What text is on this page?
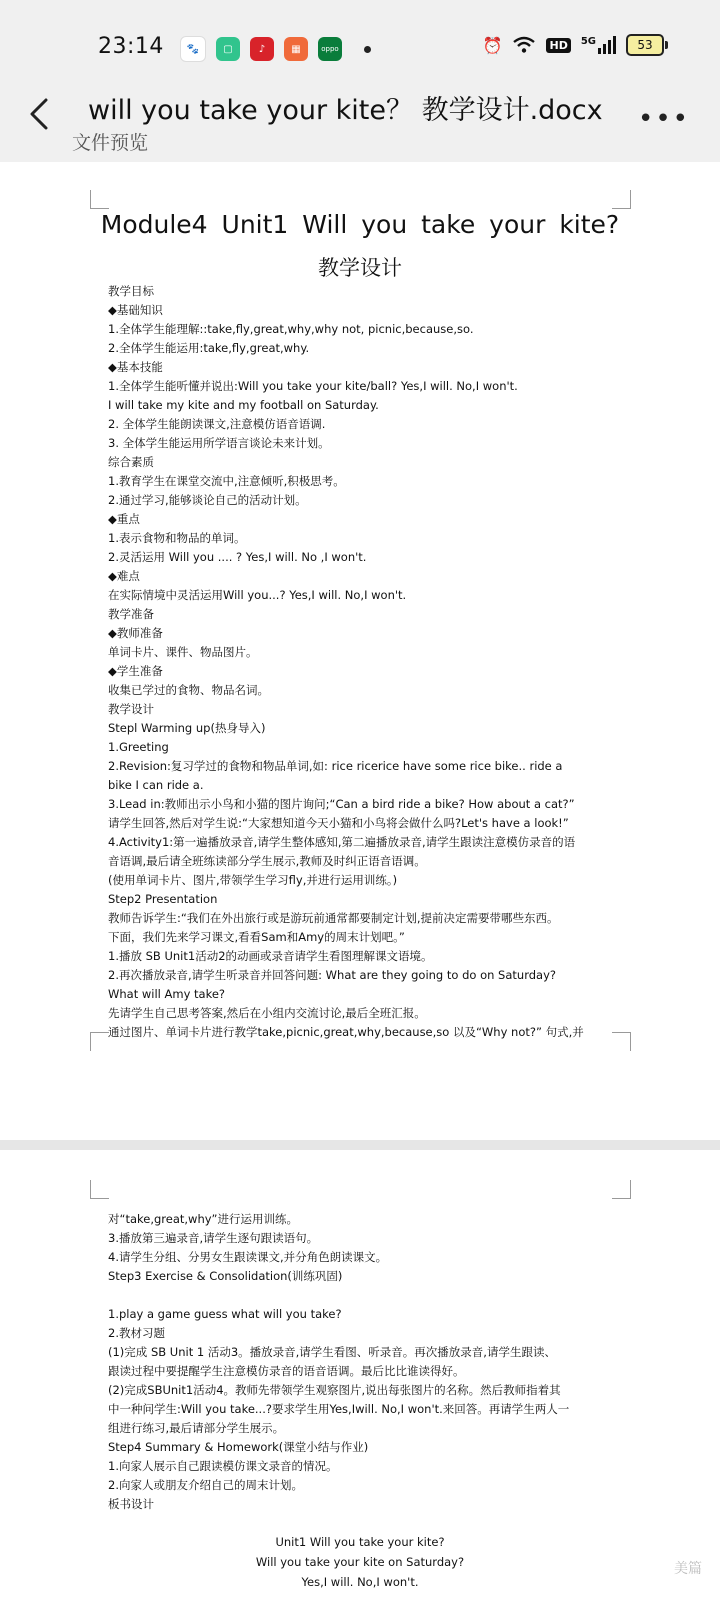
23:14	🐾	▢	♪	▦	oppo	⏰	HD	5G	53
will you take your kite？ 教学设计.docx
文件预览
•••
Module4 Unit1 Will you take your kite?
教学设计
教学目标
◆基础知识
1.全体学生能理解::take,fly,great,why,why not, picnic,because,so.
2.全体学生能运用:take,fly,great,why.
◆基本技能
1.全体学生能听懂并说出:Will you take your kite/ball? Yes,I will. No,I won't.
I will take my kite and my football on Saturday.
2. 全体学生能朗读课文,注意模仿语音语调.
3. 全体学生能运用所学语言谈论未来计划。
综合素质
1.教育学生在课堂交流中,注意倾听,积极思考。
2.通过学习,能够谈论自己的活动计划。
◆重点
1.表示食物和物品的单词。
2.灵活运用 Will you .... ? Yes,I will. No ,I won't.
◆难点
在实际情境中灵活运用Will you...? Yes,I will. No,I won't.
教学准备
◆教师准备
单词卡片、课件、物品图片。
◆学生准备
收集已学过的食物、物品名词。
教学设计
Stepl Warming up(热身导入)
1.Greeting
2.Revision:复习学过的食物和物品单词,如: rice ricerice have some rice bike.. ride a
bike I can ride a.
3.Lead in:教师出示小鸟和小猫的图片询问;“Can a bird ride a bike? How about a cat?”
请学生回答,然后对学生说:“大家想知道今天小猫和小鸟将会做什么吗?Let's have a look!”
4.Activity1:第一遍播放录音,请学生整体感知,第二遍播放录音,请学生跟读注意模仿录音的语
音语调,最后请全班练读部分学生展示,教师及时纠正语音语调。
(使用单词卡片、图片,带领学生学习fly,并进行运用训练。)
Step2 Presentation
教师告诉学生:“我们在外出旅行或是游玩前通常都要制定计划,提前决定需要带哪些东西。
下面，我们先来学习课文,看看Sam和Amy的周末计划吧。”
1.播放 SB Unit1活动2的动画或录音请学生看图理解课文语境。
2.再次播放录音,请学生听录音并回答问题: What are they going to do on Saturday?
What will Amy take?
先请学生自己思考答案,然后在小组内交流讨论,最后全班汇报。
通过图片、单词卡片进行教学take,picnic,great,why,because,so 以及“Why not?” 句式,并
对“take,great,why”进行运用训练。
3.播放第三遍录音,请学生逐句跟读语句。
4.请学生分组、分男女生跟读课文,并分角色朗读课文。
Step3 Exercise & Consolidation(训练巩固)

1.play a game guess what will you take?
2.教材习题
(1)完成 SB Unit 1 活动3。播放录音,请学生看图、听录音。再次播放录音,请学生跟读、
跟读过程中要提醒学生注意模仿录音的语音语调。最后比比谁读得好。
(2)完成SBUnit1活动4。教师先带领学生观察图片,说出每张图片的名称。然后教师指着其
中一种问学生:Will you take...?要求学生用Yes,Iwill. No,I won't.来回答。再请学生两人一
组进行练习,最后请部分学生展示。
Step4 Summary & Homework(课堂小结与作业)
1.向家人展示自己跟读模仿课文录音的情况。
2.向家人或朋友介绍自己的周末计划。
板书设计
Unit1 Will you take your kite?
Will you take your kite on Saturday?
Yes,I will. No,I won't.
美篇
